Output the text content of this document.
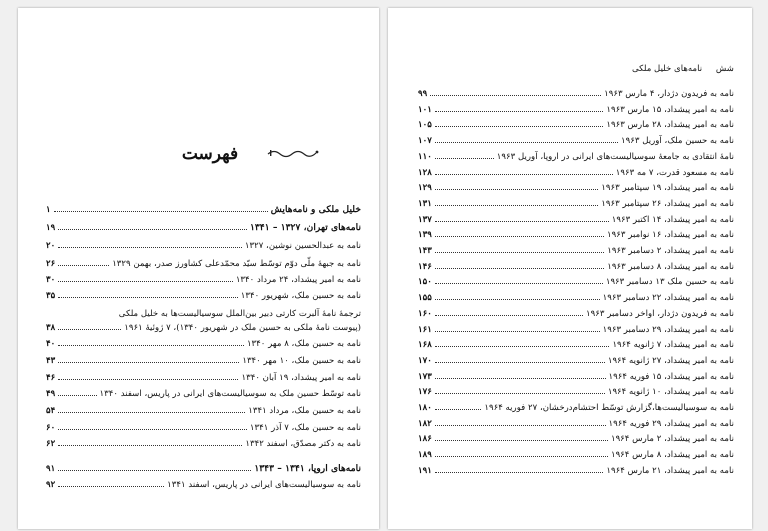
فهرست
خلیل ملکی و نامه‌هایش
۱
نامه‌های تهران، ۱۳۲۷ – ۱۳۴۱
۱۹
نامه به عبدالحسین نوشین، ۱۳۲۷
۲۰
نامه به جبههٔ ملّی دوّم توسّط سیّد محمّدعلی کشاورز صدر، بهمن ۱۳۲۹
۲۶
نامه به امیر پیشداد، ۲۴ مرداد ۱۳۴۰
۳۰
نامه به حسین ملک، شهریور ۱۳۴۰
۳۵
ترجمهٔ نامهٔ آلبرت کارتی دبیر بین‌الملل سوسیالیست‌ها به خلیل ملکی
(پیوست نامهٔ ملکی به حسین ملک در شهریور ۱۳۴۰)، ۷ ژوئیهٔ ۱۹۶۱
۳۸
نامه به حسین ملک، ۸ مهر ۱۳۴۰
۴۰
نامه به حسین ملک، ۱۰ مهر ۱۳۴۰
۴۳
نامه به امیر پیشداد، ۱۹ آبان ۱۳۴۰
۴۶
نامه توسّط حسین ملک به سوسیالیست‌های ایرانی در پاریس، اسفند ۱۳۴۰
۴۹
نامه به حسین ملک، مرداد ۱۳۴۱
۵۴
نامه به حسین ملک، ۷ آذر ۱۳۴۱
۶۰
نامه به دکتر مصدّق، اسفند ۱۳۴۲
۶۲
نامه‌های اروپا، ۱۳۴۱ – ۱۳۴۳
۹۱
نامه به سوسیالیست‌های ایرانی در پاریس، اسفند ۱۳۴۱
۹۲
شش     نامه‌های خلیل ملکی
نامه به فریدون دژدار، ۴ مارس ۱۹۶۳
۹۹
نامه به امیر پیشداد، ۱۵ مارس ۱۹۶۳
۱۰۱
نامه به امیر پیشداد، ۲۸ مارس ۱۹۶۳
۱۰۵
نامه به حسین ملک، آوریل ۱۹۶۳
۱۰۷
نامهٔ انتقادی به جامعهٔ سوسیالیست‌های ایرانی در اروپا، آوریل ۱۹۶۳
۱۱۰
نامه به مسعود قدرت، ۷ مه ۱۹۶۳
۱۲۸
نامه به امیر پیشداد، ۱۹ سپتامبر ۱۹۶۳
۱۲۹
نامه به امیر پیشداد، ۲۶ سپتامبر ۱۹۶۳
۱۳۱
نامه به امیر پیشداد، ۱۴ اکتبر ۱۹۶۳
۱۳۷
نامه به امیر پیشداد، ۱۶ نوامبر ۱۹۶۳
۱۳۹
نامه به امیر پیشداد، ۲ دسامبر ۱۹۶۳
۱۴۳
نامه به امیر پیشداد، ۸ دسامبر ۱۹۶۳
۱۴۶
نامه به حسین ملک ۱۳ دسامبر ۱۹۶۳
۱۵۰
نامه به امیر پیشداد، ۲۲ دسامبر ۱۹۶۳
۱۵۵
نامه به فریدون دژدار، اواخر دسامبر ۱۹۶۳
۱۶۰
نامه به امیر پیشداد، ۲۹ دسامبر ۱۹۶۳
۱۶۱
نامه به امیر پیشداد، ۷ ژانویه ۱۹۶۴
۱۶۸
نامه به امیر پیشداد، ۲۷ ژانویه ۱۹۶۴
۱۷۰
نامه به امیر پیشداد، ۱۵ فوریه ۱۹۶۴
۱۷۳
نامه به امیر پیشداد، ۱۰ ژانویه ۱۹۶۴
۱۷۶
نامه به سوسیالیست‌ها،گزارش توسّط احتشام‌درخشان، ۲۷ فوریه ۱۹۶۴
۱۸۰
نامه به امیر پیشداد، ۲۹ فوریه ۱۹۶۴
۱۸۲
نامه به امیر پیشداد، ۲ مارس ۱۹۶۴
۱۸۶
نامه به امیر پیشداد، ۸ مارس ۱۹۶۴
۱۸۹
نامه به امیر پیشداد، ۲۱ مارس ۱۹۶۴
۱۹۱
